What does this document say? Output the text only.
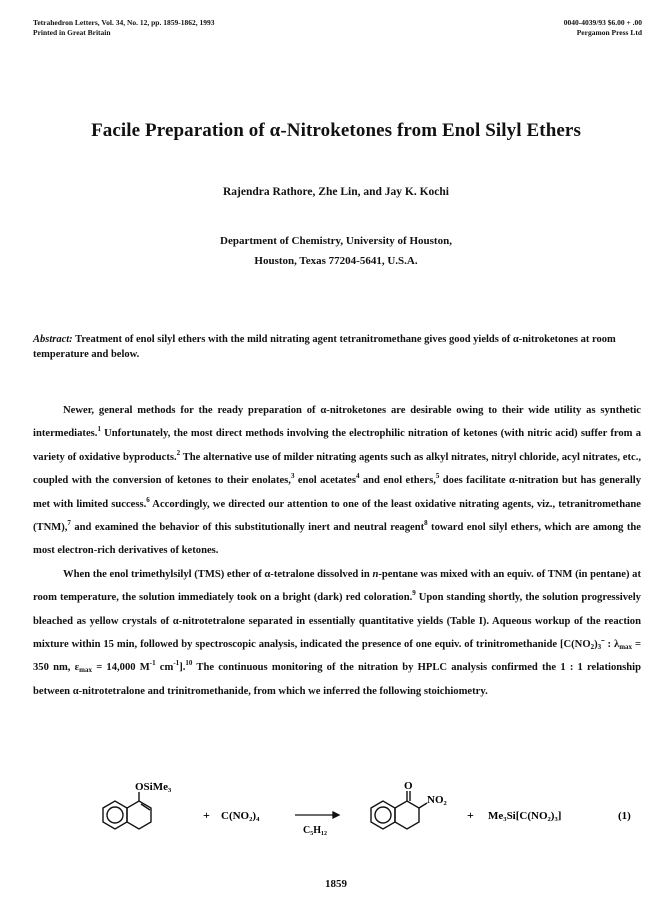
Tetrahedron Letters, Vol. 34, No. 12, pp. 1859-1862, 1993
Printed in Great Britain
0040-4039/93 $6.00 + .00
Pergamon Press Ltd
Facile Preparation of α-Nitroketones from Enol Silyl Ethers
Rajendra Rathore, Zhe Lin, and Jay K. Kochi
Department of Chemistry, University of Houston,
Houston, Texas 77204-5641, U.S.A.
Abstract: Treatment of enol silyl ethers with the mild nitrating agent tetranitromethane gives good yields of α-nitroketones at room temperature and below.

Newer, general methods for the ready preparation of α-nitroketones are desirable owing to their wide utility as synthetic intermediates.$^1$ Unfortunately, the most direct methods involving the electrophilic nitration of ketones (with nitric acid) suffer from a variety of oxidative byproducts.$^2$ The alternative use of milder nitrating agents such as alkyl nitrates, nitryl chloride, acyl nitrates, etc., coupled with the conversion of ketones to their enolates,$^3$ enol acetates$^4$ and enol ethers,$^5$ does facilitate α-nitration but has generally met with limited success.$^6$ Accordingly, we directed our attention to one of the least oxidative nitrating agents, viz., tetranitromethane (TNM),$^7$ and examined the behavior of this substitutionally inert and neutral reagent$^8$ toward enol silyl ethers, which are among the most electron-rich derivatives of ketones.

When the enol trimethylsilyl (TMS) ether of α-tetralone dissolved in n-pentane was mixed with an equiv. of TNM (in pentane) at room temperature, the solution immediately took on a bright (dark) red coloration.$^9$ Upon standing shortly, the solution progressively bleached as yellow crystals of α-nitrotetralone separated in essentially quantitative yields (Table I). Aqueous workup of the reaction mixture within 15 min, followed by spectroscopic analysis, indicated the presence of one equiv. of trinitromethanide [$C(NO_2)_3ˉ$ : $\lambda_{max} = 350$ nm, $\varepsilon_{max} = 14,000$ $M^{-1}$ $cm^{-1}].^{10}$ The continuous monitoring of the nitration by HPLC analysis confirmed the 1 : 1 relationship between α-nitrotetralone and trinitromethanide, from which we inferred the following stoichiometry.

OSiMe₃
+ C(NO₂)₄
C₅H₁₂
O
NO₂
+ Me₃Si[C(NO₂)₃]	(1)
1859
